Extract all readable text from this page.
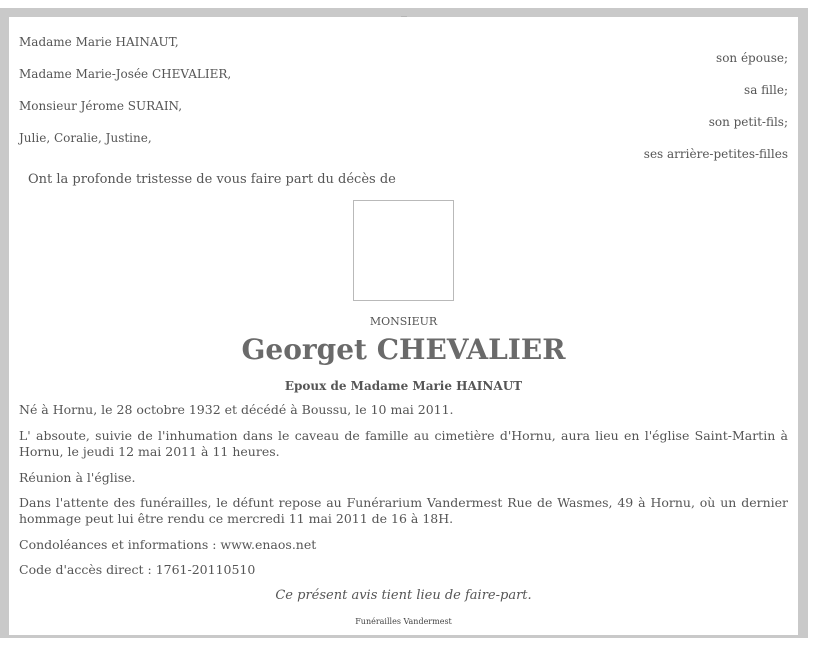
Madame Marie HAINAUT,
son épouse;
Madame Marie-Josée CHEVALIER,
sa fille;
Monsieur Jérome SURAIN,
son petit-fils;
Julie, Coralie, Justine,
ses arrière-petites-filles
Ont la profonde tristesse de vous faire part du décès de
MONSIEUR
Georget CHEVALIER
Epoux de Madame Marie HAINAUT
Né à Hornu, le 28 octobre 1932 et décédé à Boussu, le 10 mai 2011.
L' absoute, suivie de l'inhumation dans le caveau de famille au cimetière d'Hornu, aura lieu en l'église Saint-Martin à Hornu, le jeudi 12 mai 2011 à 11 heures.
Réunion à l'église.
Dans l'attente des funérailles, le défunt repose au Funérarium Vandermest Rue de Wasmes, 49 à Hornu, où un dernier hommage peut lui être rendu ce mercredi 11 mai 2011 de 16 à 18H.
Condoléances et informations : www.enaos.net
Code d'accès direct : 1761-20110510
Ce présent avis tient lieu de faire-part.
Funérailles Vandermest
